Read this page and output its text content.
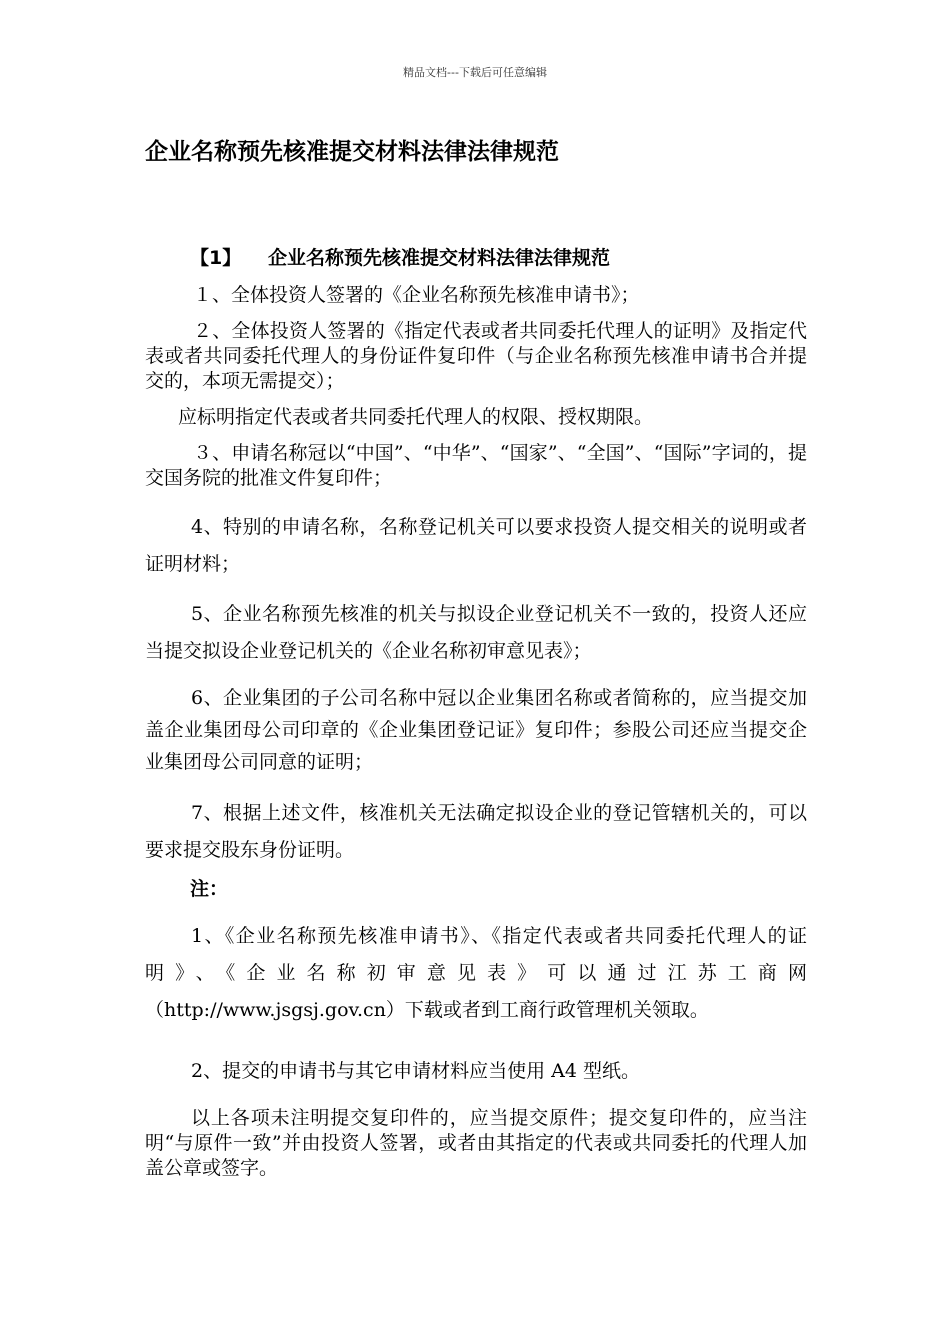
精品文档---下载后可任意编辑
企业名称预先核准提交材料法律法律规范
【1】 企业名称预先核准提交材料法律法律规范
１、全体投资人签署的《企业名称预先核准申请书》；
２、全体投资人签署的《指定代表或者共同委托代理人的证明》及指定代表或者共同委托代理人的身份证件复印件（与企业名称预先核准申请书合并提交的，本项无需提交）；
应标明指定代表或者共同委托代理人的权限、授权期限。
３、申请名称冠以“中国”、“中华”、“国家”、“全国”、“国际”字词的，提交国务院的批准文件复印件；
4、特别的申请名称，名称登记机关可以要求投资人提交相关的说明或者证明材料；
5、企业名称预先核准的机关与拟设企业登记机关不一致的，投资人还应当提交拟设企业登记机关的《企业名称初审意见表》；
6、企业集团的子公司名称中冠以企业集团名称或者简称的，应当提交加盖企业集团母公司印章的《企业集团登记证》复印件；参股公司还应当提交企业集团母公司同意的证明；
7、根据上述文件，核准机关无法确定拟设企业的登记管辖机关的，可以要求提交股东身份证明。
注：
1、《企业名称预先核准申请书》、《指定代表或者共同委托代理人的证明》、《企业名称初审意见表》可以通过江苏工商网（http://www.jsgsj.gov.cn）下载或者到工商行政管理机关领取。
2、提交的申请书与其它申请材料应当使用 A4 型纸。
以上各项未注明提交复印件的，应当提交原件；提交复印件的，应当注明“与原件一致”并由投资人签署，或者由其指定的代表或共同委托的代理人加盖公章或签字。
